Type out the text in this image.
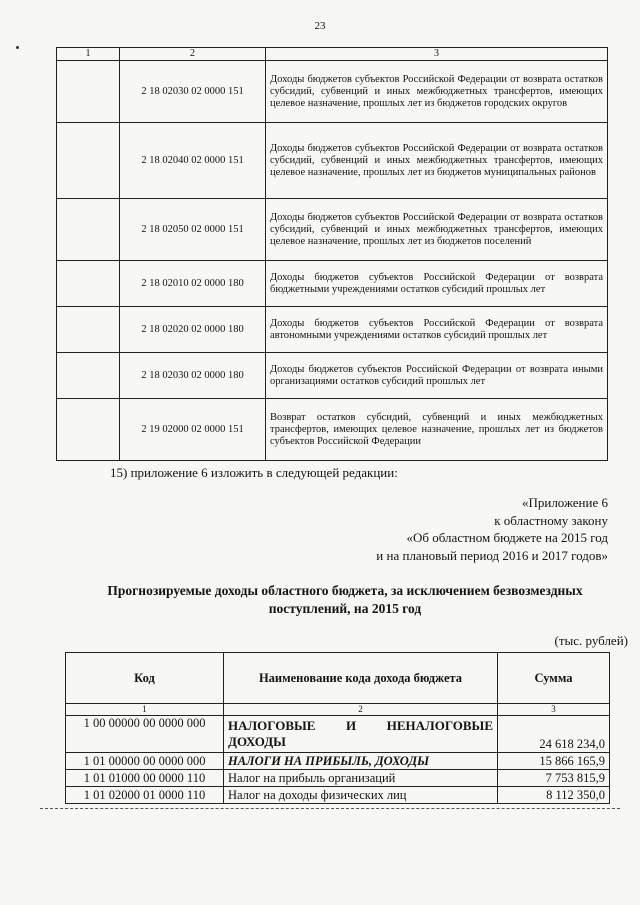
23
1	2	3
	2 18 02030 02 0000 151	Доходы бюджетов субъектов Российской Федерации от возврата остатков субсидий, субвенций и иных межбюджетных трансфертов, имеющих целевое назначение, прошлых лет из бюджетов городских округов
	2 18 02040 02 0000 151	Доходы бюджетов субъектов Российской Федерации от возврата остатков субсидий, субвенций и иных межбюджетных трансфертов, имеющих целевое назначение, прошлых лет из бюджетов муниципальных районов
	2 18 02050 02 0000 151	Доходы бюджетов субъектов Российской Федерации от возврата остатков субсидий, субвенций и иных межбюджетных трансфертов, имеющих целевое назначение, прошлых лет из бюджетов поселений
	2 18 02010 02 0000 180	Доходы бюджетов субъектов Российской Федерации от возврата бюджетными учреждениями остатков субсидий прошлых лет
	2 18 02020 02 0000 180	Доходы бюджетов субъектов Российской Федерации от возврата автономными учреждениями остатков субсидий прошлых лет
	2 18 02030 02 0000 180	Доходы бюджетов субъектов Российской Федерации от возврата иными организациями остатков субсидий прошлых лет
	2 19 02000 02 0000 151	Возврат остатков субсидий, субвенций и иных межбюджетных трансфертов, имеющих целевое назначение, прошлых лет из бюджетов субъектов Российской Федерации
15) приложение 6 изложить в следующей редакции:
«Приложение 6
к областному закону
«Об областном бюджете на 2015 год
и на плановый период 2016 и 2017 годов»
Прогнозируемые доходы областного бюджета, за исключением безвозмездных
поступлений, на 2015 год
(тыс. рублей)
Код	Наименование кода дохода бюджета	Сумма
1	2	3
1 00 00000 00 0000 000	НАЛОГОВЫЕ И НЕНАЛОГОВЫЕ ДОХОДЫ	24 618 234,0
1 01 00000 00 0000 000	НАЛОГИ НА ПРИБЫЛЬ, ДОХОДЫ	15 866 165,9
1 01 01000 00 0000 110	Налог на прибыль организаций	7 753 815,9
1 01 02000 01 0000 110	Налог на доходы физических лиц	8 112 350,0
